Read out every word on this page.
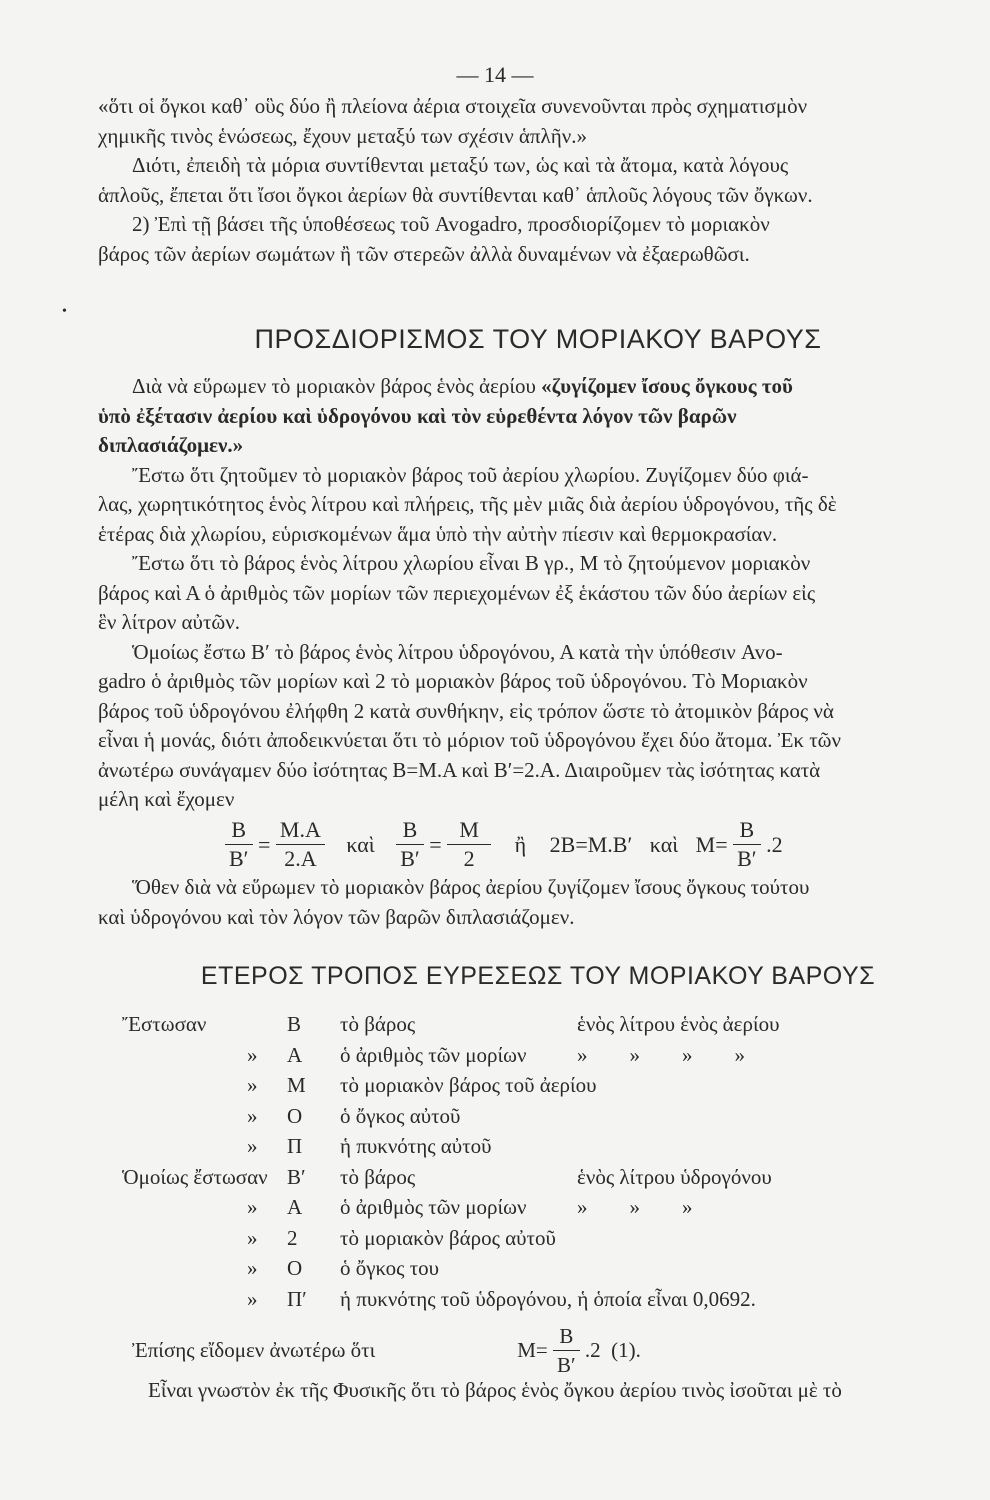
— 14 —
«ὅτι οἱ ὄγκοι καθ᾽ οὓς δύο ἢ πλείονα ἀέρια στοιχεῖα συνενοῦνται πρὸς σχηματισμὸν
χημικῆς τινὸς ἑνώσεως, ἔχουν μεταξύ των σχέσιν ἁπλῆν.»
Διότι, ἐπειδὴ τὰ μόρια συντίθενται μεταξύ των, ὡς καὶ τὰ ἄτομα, κατὰ λόγους
ἁπλοῦς, ἔπεται ὅτι ἴσοι ὄγκοι ἀερίων θὰ συντίθενται καθ᾽ ἁπλοῦς λόγους τῶν ὄγκων.
2) Ἐπὶ τῇ βάσει τῆς ὑποθέσεως τοῦ Avogadro, προσδιορίζομεν τὸ μοριακὸν
βάρος τῶν ἀερίων σωμάτων ἢ τῶν στερεῶν ἀλλὰ δυναμένων νὰ ἐξαερωθῶσι.
•
ΠΡΟΣΔΙΟΡΙΣΜΟΣ ΤΟΥ ΜΟΡΙΑΚΟΥ ΒΑΡΟΥΣ
Διὰ νὰ εὕρωμεν τὸ μοριακὸν βάρος ἑνὸς ἀερίου «ζυγίζομεν ἴσους ὄγκους τοῦ
ὑπὸ ἐξέτασιν ἀερίου καὶ ὑδρογόνου καὶ τὸν εὑρεθέντα λόγον τῶν βαρῶν
διπλασιάζομεν.»
Ἔστω ὅτι ζητοῦμεν τὸ μοριακὸν βάρος τοῦ ἀερίου χλωρίου. Ζυγίζομεν δύο φιά-
λας, χωρητικότητος ἑνὸς λίτρου καὶ πλήρεις, τῆς μὲν μιᾶς διὰ ἀερίου ὑδρογόνου, τῆς δὲ
ἑτέρας διὰ χλωρίου, εὑρισκομένων ἅμα ὑπὸ τὴν αὐτὴν πίεσιν καὶ θερμοκρασίαν.
Ἔστω ὅτι τὸ βάρος ἑνὸς λίτρου χλωρίου εἶναι Β γρ., Μ τὸ ζητούμενον μοριακὸν
βάρος καὶ Α ὁ ἀριθμὸς τῶν μορίων τῶν περιεχομένων ἐξ ἑκάστου τῶν δύο ἀερίων εἰς
ἓν λίτρον αὐτῶν.
Ὁμοίως ἔστω Β′ τὸ βάρος ἑνὸς λίτρου ὑδρογόνου, Α κατὰ τὴν ὑπόθεσιν Avo-
gadro ὁ ἀριθμὸς τῶν μορίων καὶ 2 τὸ μοριακὸν βάρος τοῦ ὑδρογόνου. Τὸ Μοριακὸν
βάρος τοῦ ὑδρογόνου ἐλήφθη 2 κατὰ συνθήκην, εἰς τρόπον ὥστε τὸ ἀτομικὸν βάρος νὰ
εἶναι ἡ μονάς, διότι ἀποδεικνύεται ὅτι τὸ μόριον τοῦ ὑδρογόνου ἔχει δύο ἄτομα. Ἐκ τῶν
ἀνωτέρω συνάγαμεν δύο ἰσότητας Β=Μ.Α καὶ Β′=2.Α. Διαιροῦμεν τὰς ἰσότητας κατὰ
μέλη καὶ ἔχομεν
$\frac{B}{B'} = \frac{M.A}{2.A}$ καὶ $\frac{B}{B'} = \frac{M}{2}$ ἢ 2Β=Μ.Β′ καὶ $M= \frac{B}{B'} .2$
Ὅθεν διὰ νὰ εὕρωμεν τὸ μοριακὸν βάρος ἀερίου ζυγίζομεν ἴσους ὄγκους τούτου
καὶ ὑδρογόνου καὶ τὸν λόγον τῶν βαρῶν διπλασιάζομεν.
ΕΤΕΡΟΣ ΤΡΟΠΟΣ ΕΥΡΕΣΕΩΣ ΤΟΥ ΜΟΡΙΑΚΟΥ ΒΑΡΟΥΣ
Ἔστωσαν	Β τὸ βάρος	ἑνὸς λίτρου ἑνὸς ἀερίου
» Α ὁ ἀριθμὸς τῶν μορίων »        »        »        »
» Μ τὸ μοριακὸν βάρος τοῦ ἀερίου
» Ο ὁ ὄγκος αὐτοῦ
» Π ἡ πυκνότης αὐτοῦ
Ὁμοίως ἔστωσαν Β′ τὸ βάρος	ἑνὸς λίτρου ὑδρογόνου
» Α ὁ ἀριθμὸς τῶν μορίων »        »        »
» 2 τὸ μοριακὸν βάρος αὐτοῦ
» Ο ὁ ὄγκος του
» Π′ ἡ πυκνότης τοῦ ὑδρογόνου, ἡ ὁποία εἶναι 0,0692.
Ἐπίσης εἴδομεν ἀνωτέρω ὅτι	$M= \frac{B}{B'} .2$  (1).
Εἶναι γνωστὸν ἐκ τῆς Φυσικῆς ὅτι τὸ βάρος ἑνὸς ὄγκου ἀερίου τινὸς ἰσοῦται μὲ τὸ
